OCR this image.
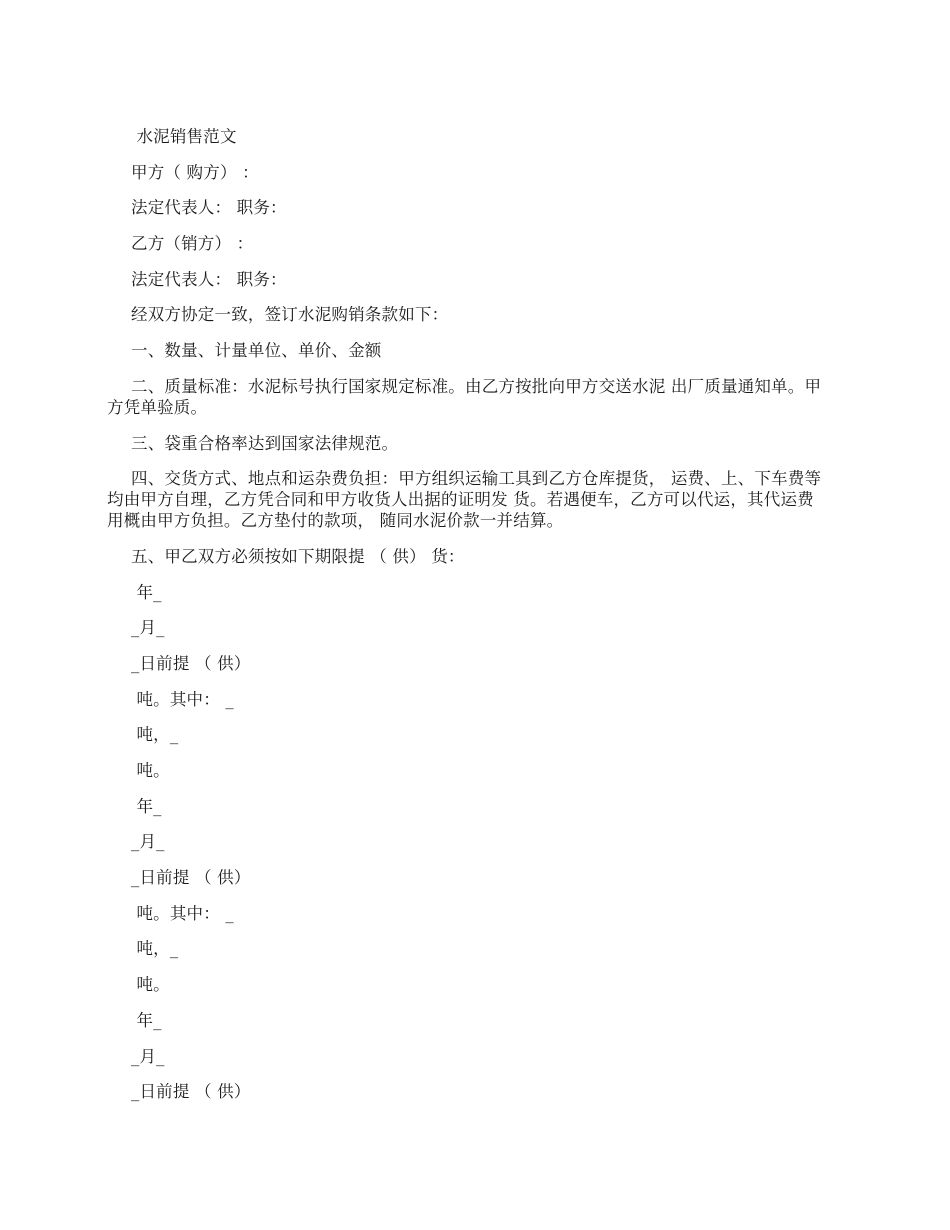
水泥销售范文

甲方（ 购方） ：

法定代表人： 职务：

乙方（销方） ：

法定代表人： 职务：

经双方协定一致，签订水泥购销条款如下：

一、数量、计量单位、单价、金额

二、质量标准：水泥标号执行国家规定标准。由乙方按批向甲方交送水泥 出厂质量通知单。甲方凭单验质。

三、袋重合格率达到国家法律规范。

四、交货方式、地点和运杂费负担：甲方组织运输工具到乙方仓库提货， 运费、上、下车费等均由甲方自理，乙方凭合同和甲方收货人出据的证明发 货。若遇便车，乙方可以代运，其代运费用概由甲方负担。乙方垫付的款项， 随同水泥价款一并结算。

五、甲乙双方必须按如下期限提 （ 供） 货：

年_

_月_

_日前提 （ 供）

吨。其中： _

吨，_

吨。

年_

_月_

_日前提 （ 供）

吨。其中： _

吨，_

吨。

年_

_月_

_日前提 （ 供）
